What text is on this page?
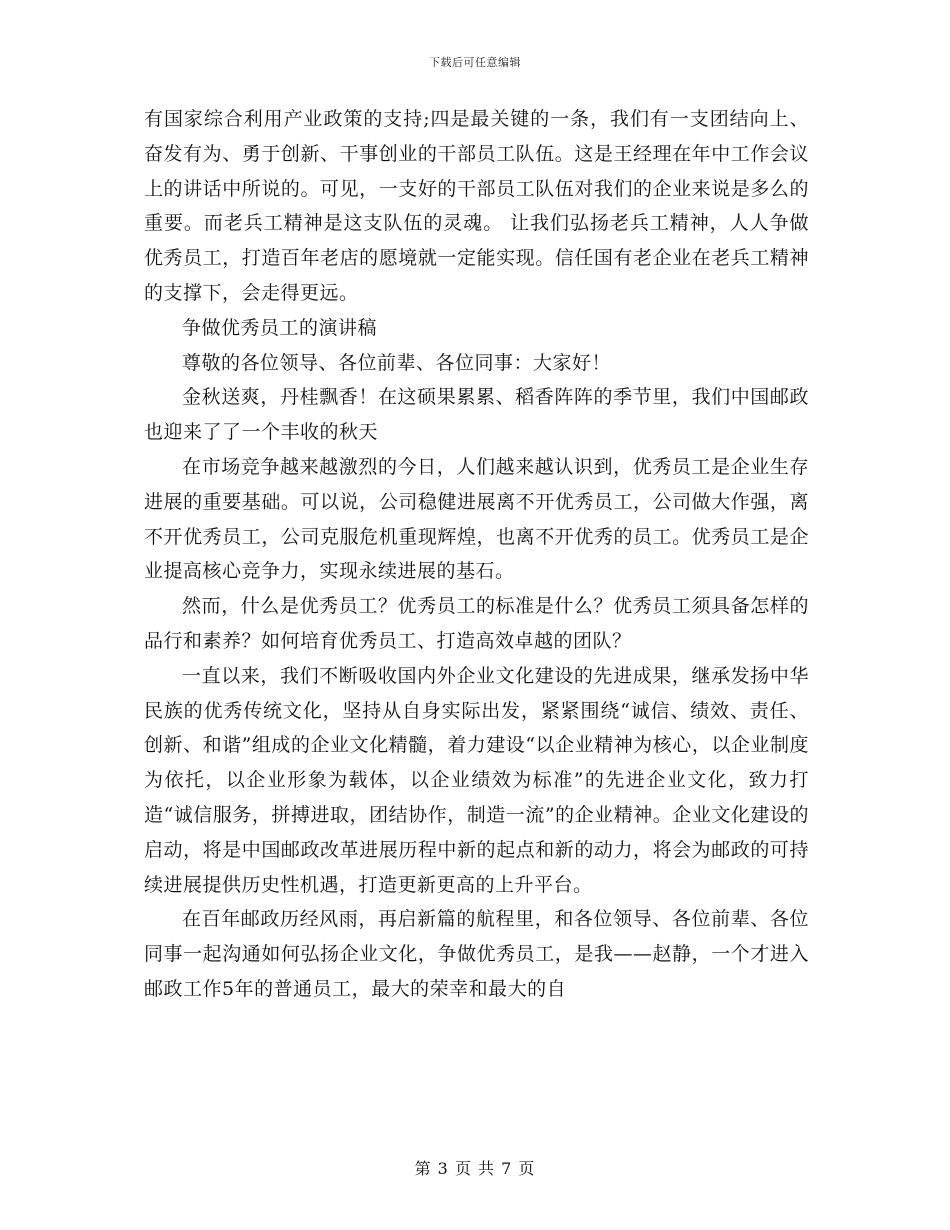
下载后可任意编辑

有国家综合利用产业政策的支持;四是最关键的一条，我们有一支团结向上、奋发有为、勇于创新、干事创业的干部员工队伍。这是王经理在年中工作会议上的讲话中所说的。可见，一支好的干部员工队伍对我们的企业来说是多么的重要。而老兵工精神是这支队伍的灵魂。 让我们弘扬老兵工精神，人人争做优秀员工，打造百年老店的愿境就一定能实现。信任国有老企业在老兵工精神的支撑下，会走得更远。

争做优秀员工的演讲稿

尊敬的各位领导、各位前辈、各位同事：大家好！

金秋送爽，丹桂飘香！在这硕果累累、稻香阵阵的季节里，我们中国邮政也迎来了了一个丰收的秋天

在市场竞争越来越激烈的今日，人们越来越认识到，优秀员工是企业生存进展的重要基础。可以说，公司稳健进展离不开优秀员工，公司做大作强，离不开优秀员工，公司克服危机重现辉煌，也离不开优秀的员工。优秀员工是企业提高核心竞争力，实现永续进展的基石。

然而，什么是优秀员工？优秀员工的标准是什么？优秀员工须具备怎样的品行和素养？如何培育优秀员工、打造高效卓越的团队？

一直以来，我们不断吸收国内外企业文化建设的先进成果，继承发扬中华民族的优秀传统文化，坚持从自身实际出发，紧紧围绕“诚信、绩效、责任、创新、和谐”组成的企业文化精髓，着力建设“以企业精神为核心，以企业制度为依托，以企业形象为载体，以企业绩效为标准”的先进企业文化，致力打造“诚信服务，拼搏进取，团结协作，制造一流”的企业精神。企业文化建设的启动，将是中国邮政改革进展历程中新的起点和新的动力，将会为邮政的可持续进展提供历史性机遇，打造更新更高的上升平台。

在百年邮政历经风雨，再启新篇的航程里，和各位领导、各位前辈、各位同事一起沟通如何弘扬企业文化，争做优秀员工，是我——赵静，一个才进入邮政工作5年的普通员工，最大的荣幸和最大的自

第 3 页 共 7 页
